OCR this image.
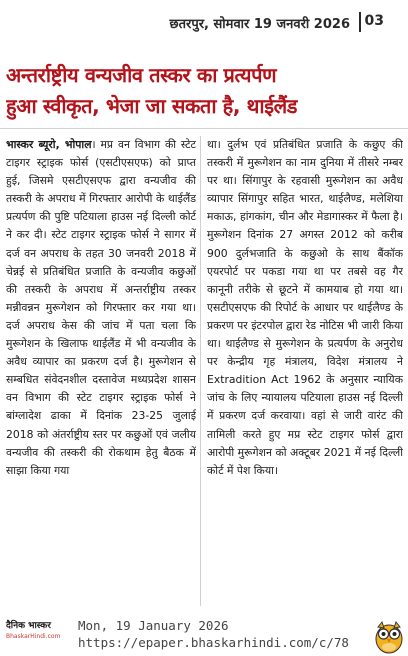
छतरपुर, सोमवार 19 जनवरी 2026 03
अन्तर्राष्ट्रीय वन्यजीव तस्कर का प्रत्यर्पण
हुआ स्वीकृत, भेजा जा सकता है, थाईलैंड
भास्कर ब्यूरो, भोपाल। मप्र वन विभाग की स्टेट टाइगर स्ट्राइक फोर्स (एसटीएसएफ) को प्राप्त हुई, जिसमे एसटीएसएफ द्वारा वन्यजीव की तस्करी के अपराध में गिरफ्तार आरोपी के थाईलैंड प्रत्यर्पण की पुष्टि पटियाला हाउस नई दिल्ली कोर्ट ने कर दी। स्टेट टाइगर स्ट्राइक फोर्स ने सागर में दर्ज वन अपराध के तहत 30 जनवरी 2018 में चेन्नई से प्रतिबंधित प्रजाति के वन्यजीव कछुओं की तस्करी के अपराध में अन्तर्राष्ट्रीय तस्कर मन्नीवन्नन मुरूगेशन को गिरफ्तार कर गया था। दर्ज अपराध केस की जांच में पता चला कि मुरूगेशन के खिलाफ थाईलैंड में भी वन्यजीव के अवैध व्यापार का प्रकरण दर्ज है। मुरूगेशन से सम्बधित संवेदनशील दस्तावेज मध्यप्रदेश शासन वन विभाग की स्टेट टाइगर स्ट्राइक फोर्स ने बांग्लादेश ढाका में दिनांक 23-25 जुलाई 2018 को अंतर्राष्ट्रीय स्तर पर कछुओं एवं जलीय वन्यजीव की तस्करी की रोकथाम हेतु बैठक में साझा किया गया
था। दुर्लभ एवं प्रतिबंधित प्रजाति के कछुए की तस्करी में मुरूगेशन का नाम दुनिया में तीसरे नम्बर पर था। सिंगापुर के रहवासी मुरूगेशन का अवैध व्यापार सिंगापुर सहित भारत, थाईलैण्ड, मलेशिया मकाऊ, हांगकांग, चीन और मेडागास्कर में फैला है। मुरूगेशन दिनांक 27 अगस्त 2012 को करीब 900 दुर्लभजाति के कछुओ के साथ बैंकॉक एयरपोर्ट पर पकडा गया था पर तबसे वह गैर कानूनी तरीके से छूटने में कामयाब हो गया था। एसटीएसएफ की रिपोर्ट के आधार पर थाईलैण्ड के प्रकरण पर इंटरपोल द्वारा रेड नोटिस भी जारी किया था। थाईलैण्ड से मुरूगेशन के प्रत्यर्पण के अनुरोध पर केन्द्रीय गृह मंत्रालय, विदेश मंत्रालय ने Extradition Act 1962 के अनुसार न्यायिक जांच के लिए न्यायालय पटियाला हाउस नई दिल्ली में प्रकरण दर्ज करवाया। वहां से जारी वारंट की तामिली करते हुए मप्र स्टेट टाइगर फोर्स द्वारा आरोपी मुरूगेशन को अक्टूबर 2021 में नई दिल्ली कोर्ट में पेश किया।
दैनिक भास्कर
BhaskarHindi.com
Mon, 19 January 2026
https://epaper.bhaskarhindi.com/c/78
